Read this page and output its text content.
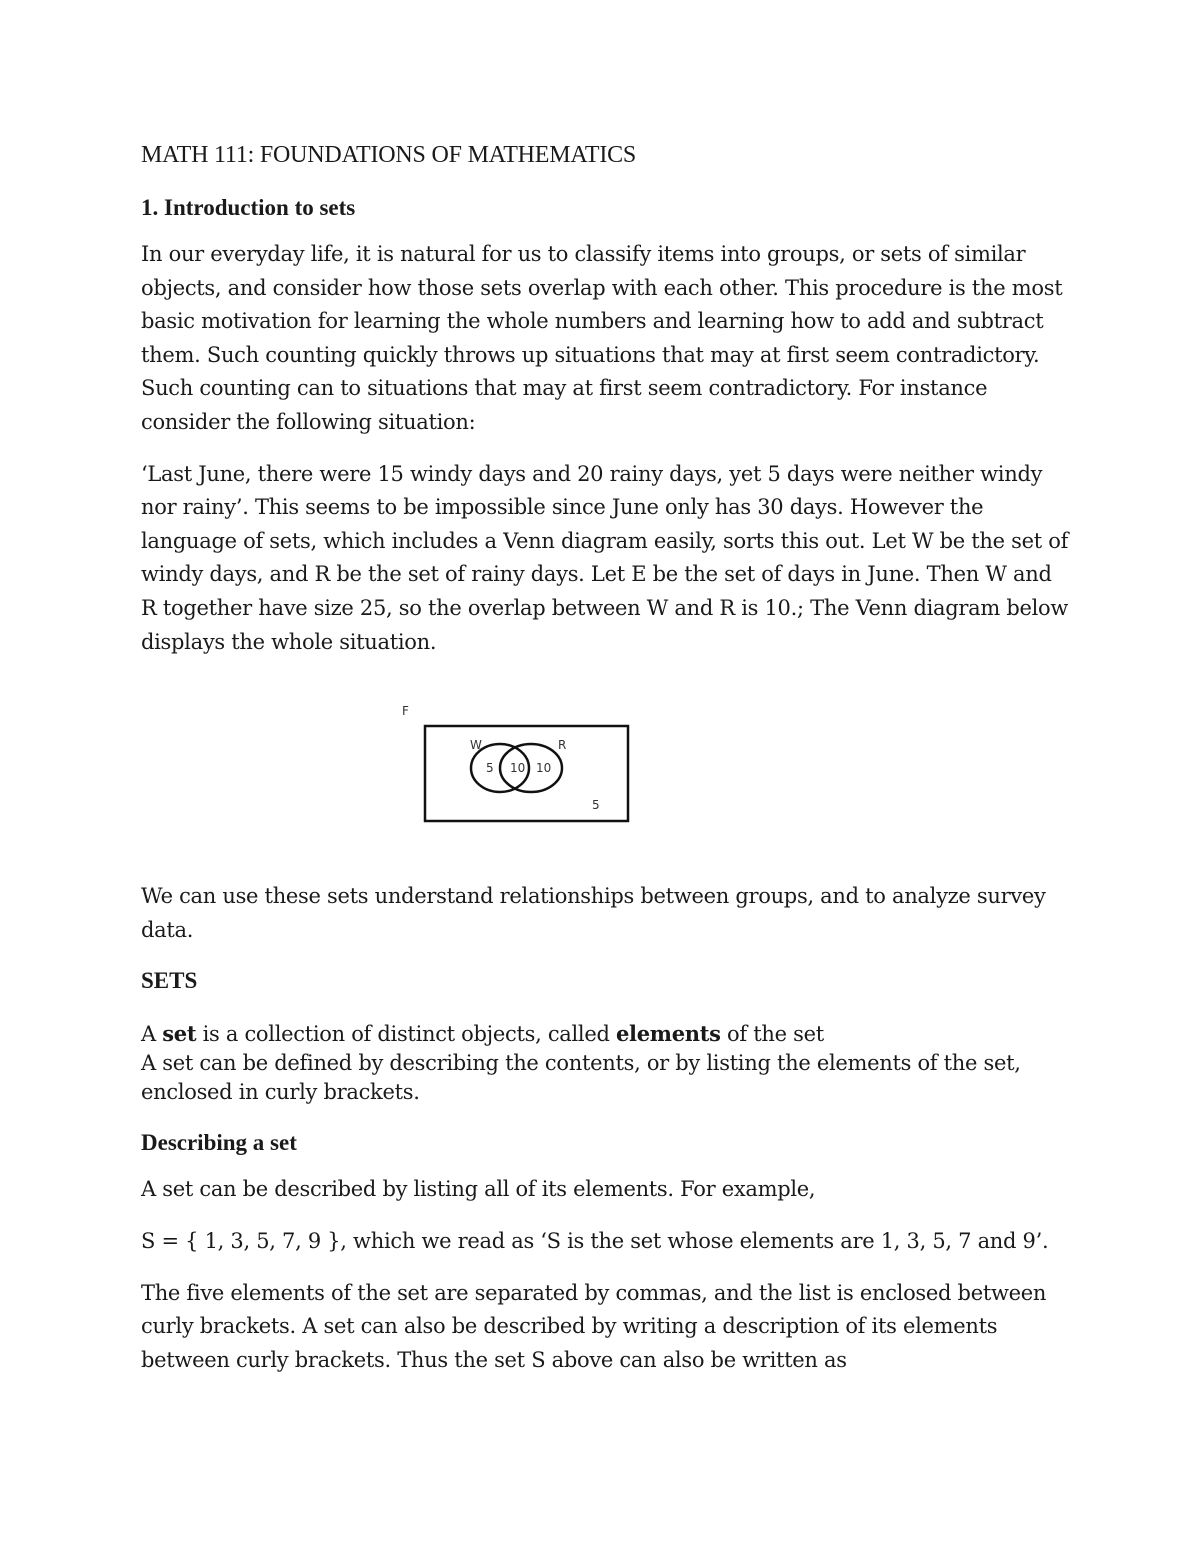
MATH 111: FOUNDATIONS OF MATHEMATICS
1. Introduction to sets

In our everyday life, it is natural for us to classify items into groups, or sets of similar objects, and consider how those sets overlap with each other. This procedure is the most basic motivation for learning the whole numbers and learning how to add and subtract them. Such counting quickly throws up situations that may at first seem contradictory. Such counting can to situations that may at first seem contradictory. For instance consider the following situation:

‘Last June, there were 15 windy days and 20 rainy days, yet 5 days were neither windy nor rainy’. This seems to be impossible since June only has 30 days. However the language of sets, which includes a Venn diagram easily, sorts this out. Let W be the set of windy days, and R be the set of rainy days. Let E be the set of days in June. Then W and R together have size 25, so the overlap between W and R is 10.; The Venn diagram below displays the whole situation.

F
W	R
5 10 10
5

We can use these sets understand relationships between groups, and to analyze survey data.

SETS

A set is a collection of distinct objects, called elements of the set

A set can be defined by describing the contents, or by listing the elements of the set, enclosed in curly brackets.

Describing a set

A set can be described by listing all of its elements. For example,

S = { 1, 3, 5, 7, 9 }, which we read as ‘S is the set whose elements are 1, 3, 5, 7 and 9’.

The five elements of the set are separated by commas, and the list is enclosed between curly brackets. A set can also be described by writing a description of its elements between curly brackets. Thus the set S above can also be written as
